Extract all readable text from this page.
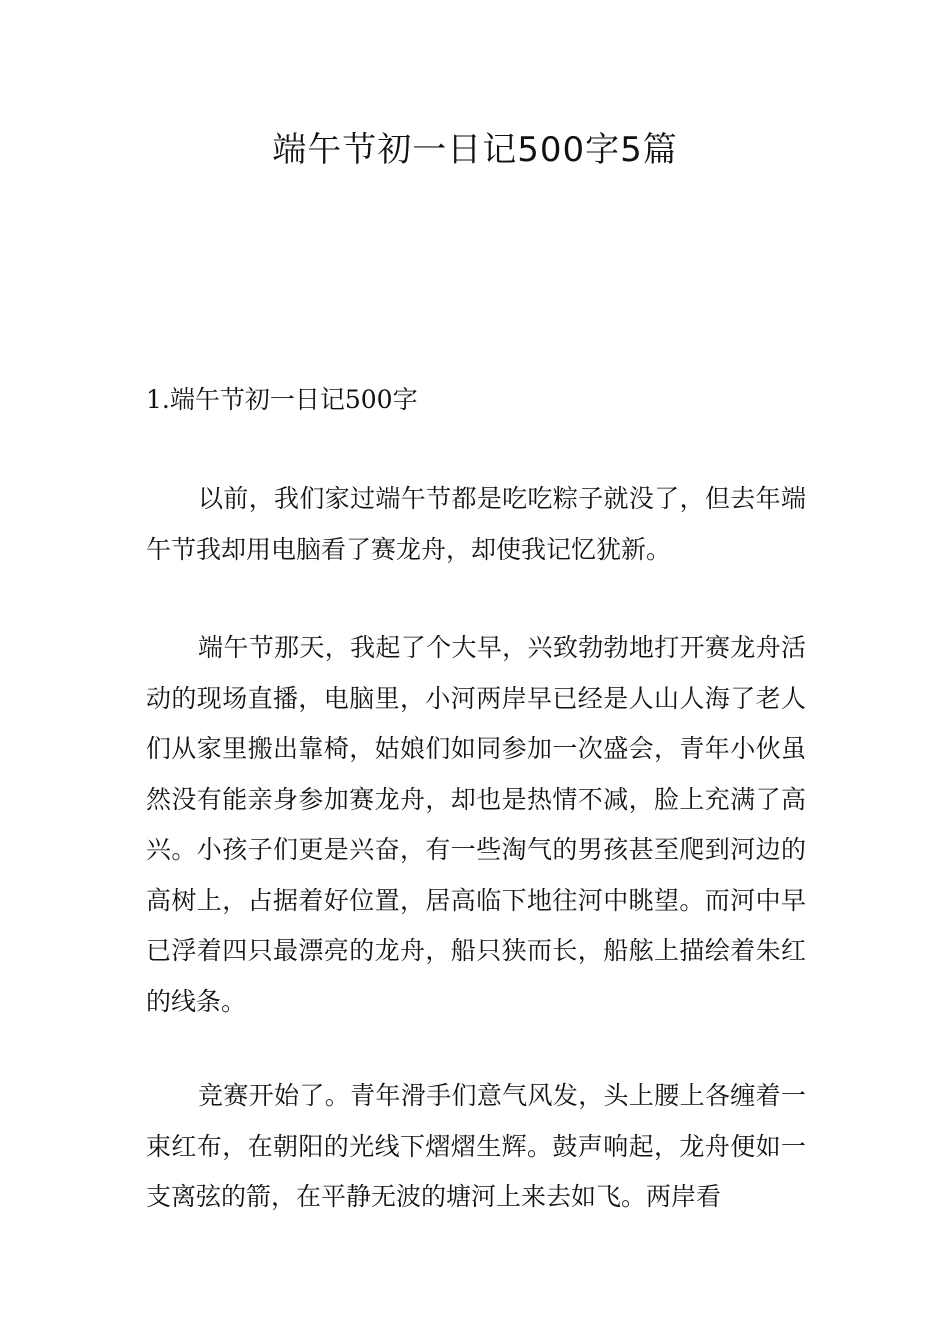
端午节初一日记500字5篇
1.端午节初一日记500字
以前，我们家过端午节都是吃吃粽子就没了，但去年端午节我却用电脑看了赛龙舟，却使我记忆犹新。
端午节那天，我起了个大早，兴致勃勃地打开赛龙舟活动的现场直播，电脑里，小河两岸早已经是人山人海了老人们从家里搬出靠椅，姑娘们如同参加一次盛会，青年小伙虽然没有能亲身参加赛龙舟，却也是热情不减，脸上充满了高兴。小孩子们更是兴奋，有一些淘气的男孩甚至爬到河边的高树上，占据着好位置，居高临下地往河中眺望。而河中早已浮着四只最漂亮的龙舟，船只狭而长，船舷上描绘着朱红的线条。
竞赛开始了。青年滑手们意气风发，头上腰上各缠着一束红布，在朝阳的光线下熠熠生辉。鼓声响起，龙舟便如一支离弦的箭，在平静无波的塘河上来去如飞。两岸看
